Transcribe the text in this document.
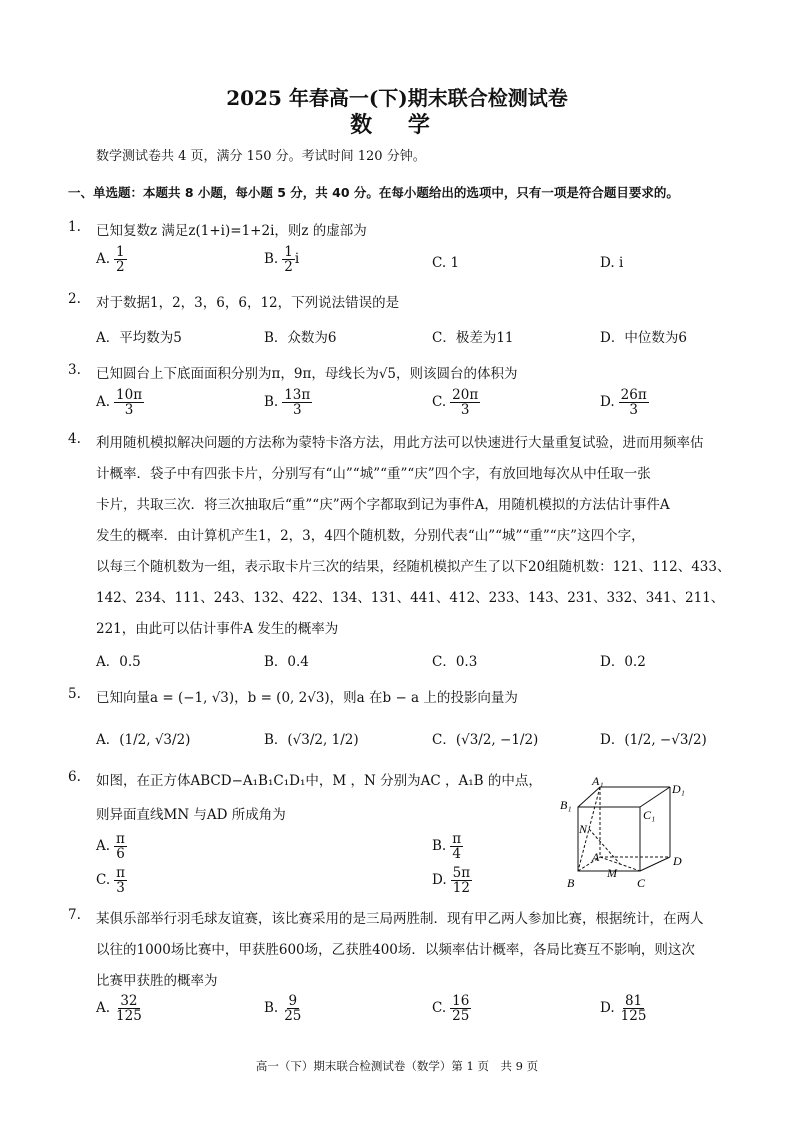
2025 年春高一(下)期末联合检测试卷
数 学
数学测试卷共 4 页，满分 150 分。考试时间 120 分钟。
一、单选题：本题共 8 小题，每小题 5 分，共 40 分。在每小题给出的选项中，只有一项是符合题目要求的。
1. 已知复数z 满足z(1+i)=1+2i，则z 的虚部为
A. $\frac{1}{2}$	B. $\frac{1}{2}$ i	C. 1	D. i
2. 对于数据1，2，3，6，6，12，下列说法错误的是
A．平均数为5	B．众数为6	C．极差为11	D．中位数为6
3. 已知圆台上下底面面积分别为π，9π，母线长为√5，则该圆台的体积为
A. $\frac{10\pi}{3}$	B. $\frac{13\pi}{3}$	C. $\frac{20\pi}{3}$	D. $\frac{26\pi}{3}$
4. 利用随机模拟解决问题的方法称为蒙特卡洛方法，用此方法可以快速进行大量重复试验，进而用频率估
计概率．袋子中有四张卡片，分别写有“山”“城”“重”“庆”四个字，有放回地每次从中任取一张
卡片，共取三次．将三次抽取后“重”“庆”两个字都取到记为事件A，用随机模拟的方法估计事件A
发生的概率．由计算机产生1，2，3，4四个随机数，分别代表“山”“城”“重”“庆”这四个字，
以每三个随机数为一组，表示取卡片三次的结果，经随机模拟产生了以下20组随机数：121、112、433、
142、234、111、243、132、422、134、131、441、412、233、143、231、332、341、211、
221，由此可以估计事件A 发生的概率为
A．0.5	B．0.4	C．0.3	D．0.2
5. 已知向量a = (−1, √3)，b = (0, 2√3)，则a 在b − a 上的投影向量为
A．(1/2, √3/2)	B．(√3/2, 1/2)	C．(√3/2, −1/2)	D．(1/2, −√3/2)
6. 如图，在正方体ABCD−A₁B₁C₁D₁中，M ，N 分别为AC ，A₁B 的中点，
则异面直线MN 与AD 所成角为
A. $\frac{\pi}{6}$	B. $\frac{\pi}{4}$
C. $\frac{\pi}{3}$	D. $\frac{5\pi}{12}$
A₁
D₁
B₁
C₁
N
A	D
B
M
C
7. 某俱乐部举行羽毛球友谊赛，该比赛采用的是三局两胜制．现有甲乙两人参加比赛，根据统计，在两人
以往的1000场比赛中，甲获胜600场，乙获胜400场．以频率估计概率，各局比赛互不影响，则这次
比赛甲获胜的概率为
A. $\frac{32}{125}$	B. $\frac{9}{25}$	C. $\frac{16}{25}$	D. $\frac{81}{125}$
高一（下）期末联合检测试卷（数学）第 1 页　共 9 页
